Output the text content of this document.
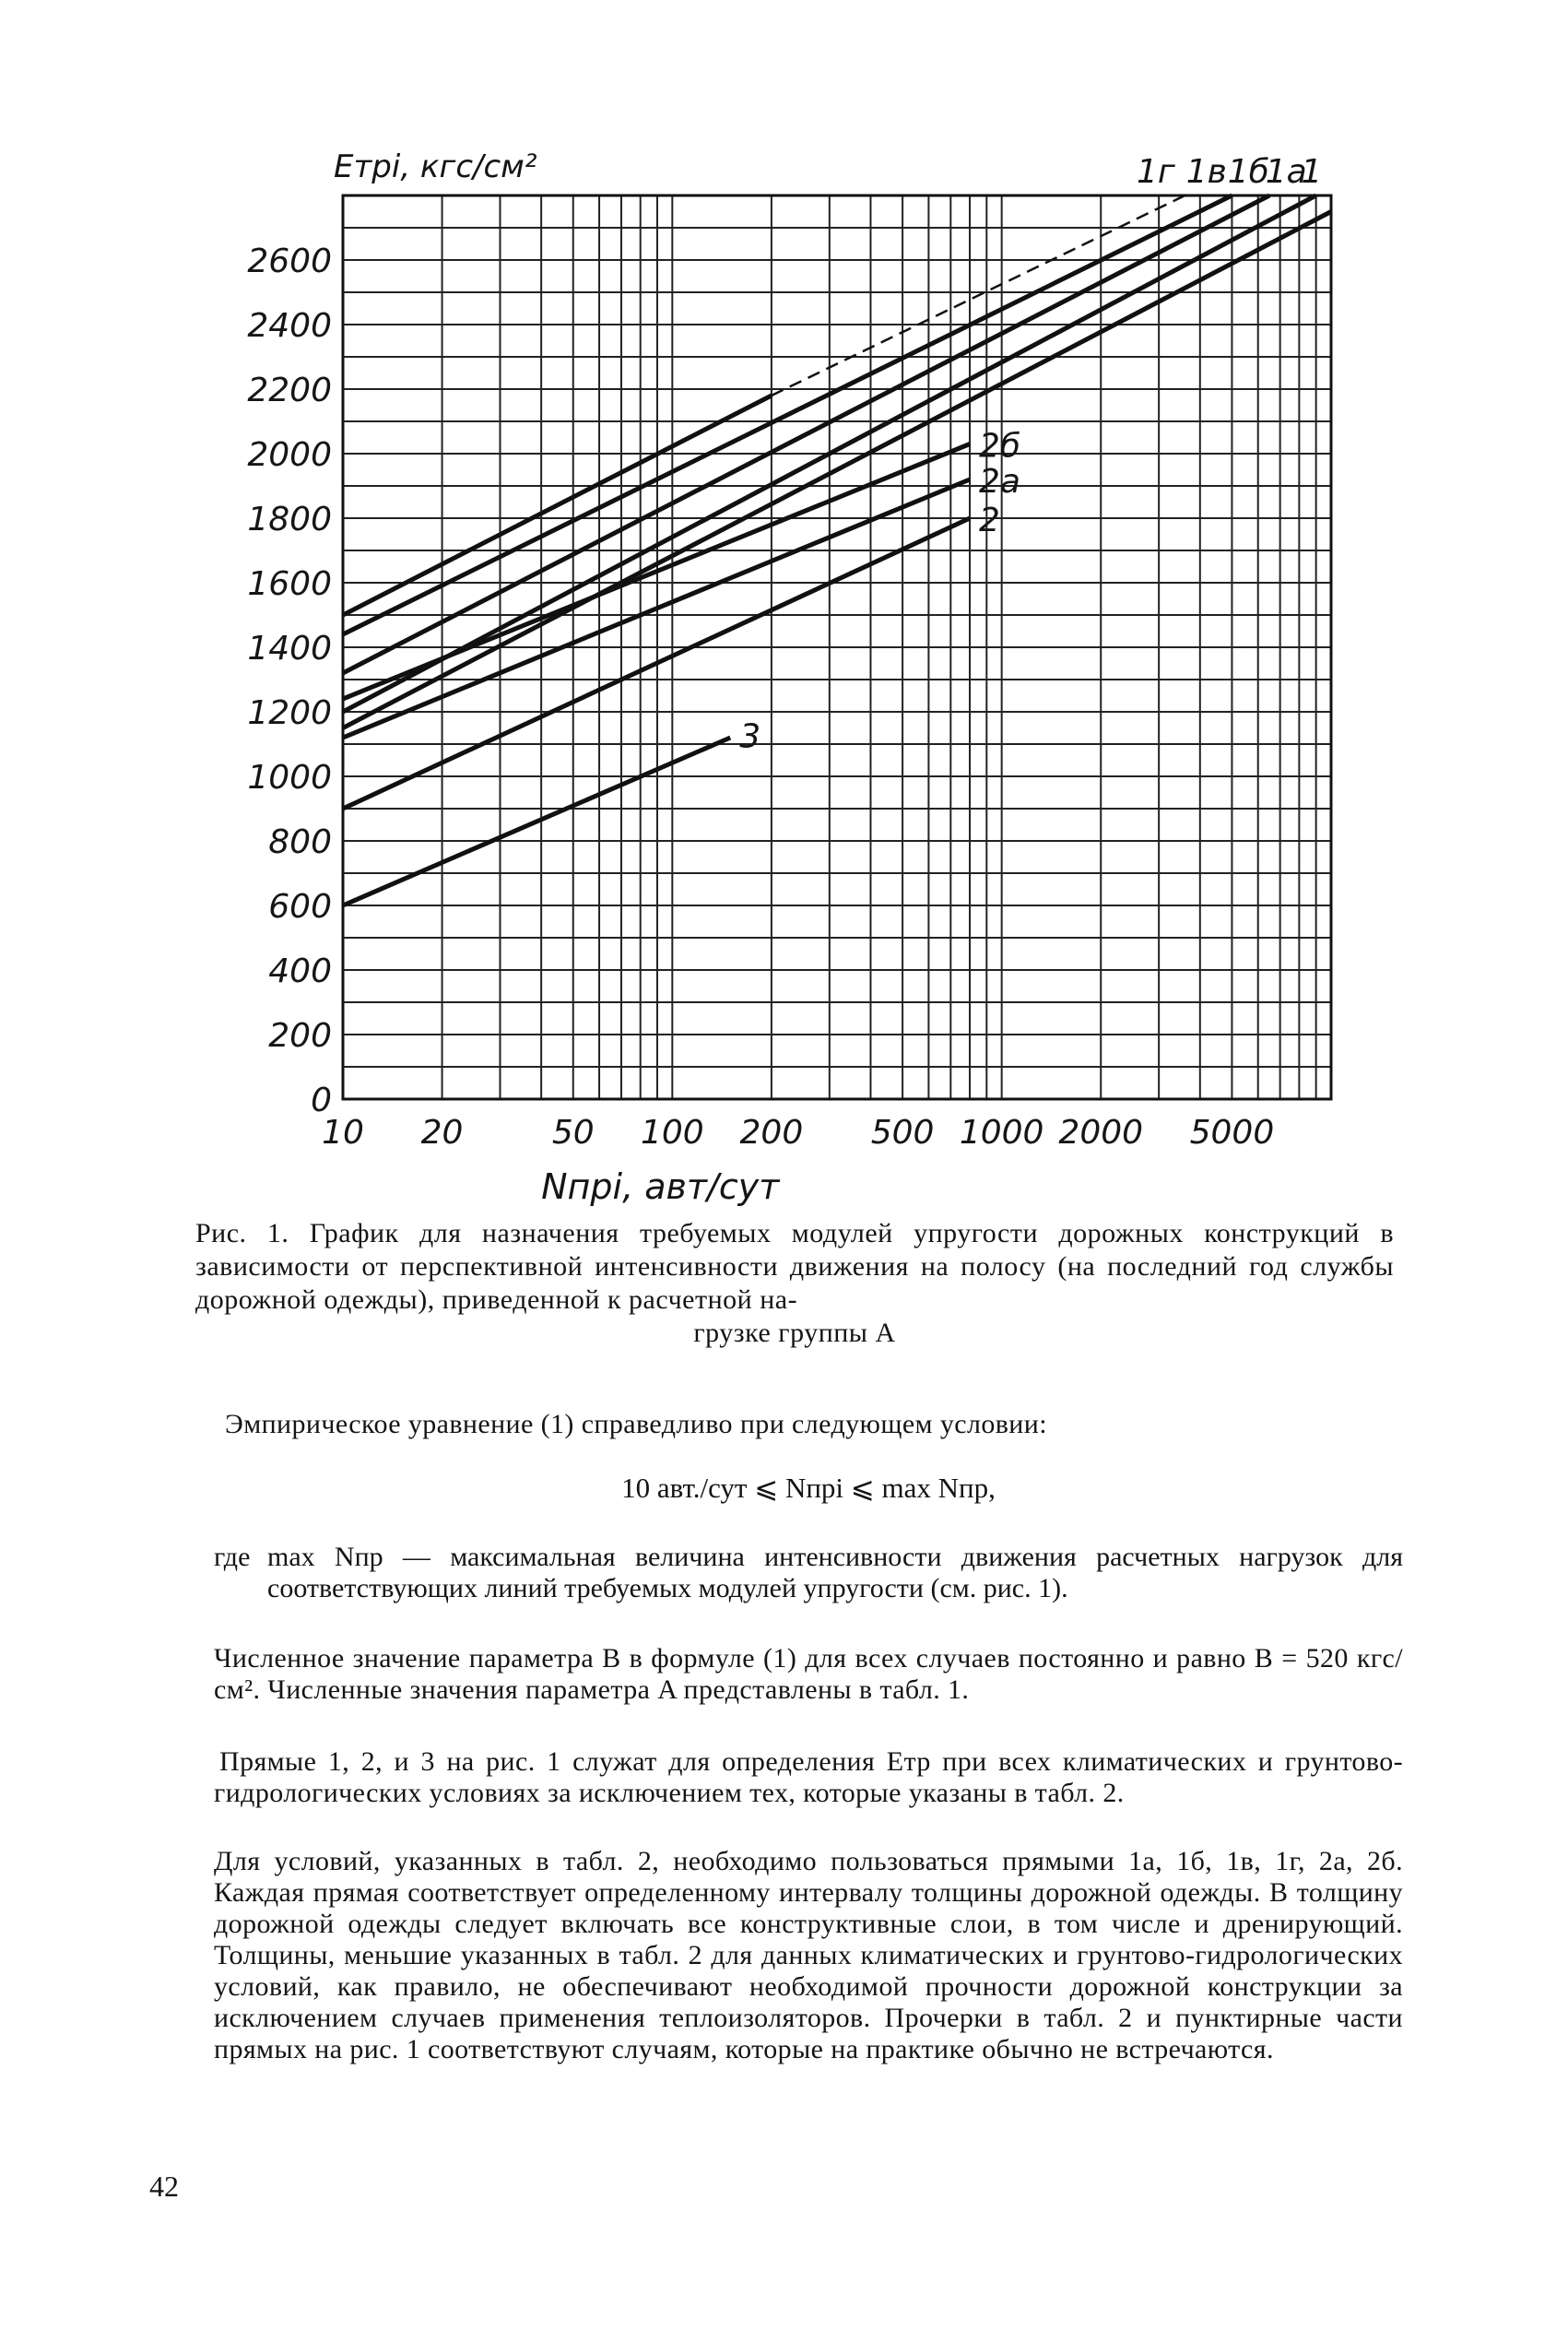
0
200
400
600
800
1000
1200
1400
1600
1800
2000
2200
2400
2600
10 20	50 100 200 500 1000 2000 5000
Eтрi, кгс/см²
Nпрi, авт/сут
1г 1в 1б
1а
1
2б
2а
2
3
Рис. 1. График для назначения требуемых модулей упругости дорожных конструкций в зависимости от перспективной интенсивности движения на полосу (на последний год службы дорожной одежды), приведенной к расчетной на-
грузке группы А
Эмпирическое уравнение (1) справедливо при следующем условии:
10 авт./сут ⩽ Nпрi ⩽ max Nпр,
где max Nпр — максимальная величина интенсивности движения расчетных нагрузок для соответствующих линий требуемых модулей упругости (см. рис. 1).
Численное значение параметра B в формуле (1) для всех случаев постоянно и равно B = 520 кгс/см². Численные значения параметра A представлены в табл. 1.
Прямые 1, 2, и 3 на рис. 1 служат для определения Eтр при всех климатических и грунтово-гидрологических условиях за исключением тех, которые указаны в табл. 2.
Для условий, указанных в табл. 2, необходимо пользоваться прямыми 1а, 1б, 1в, 1г, 2а, 2б. Каждая прямая соответствует определенному интервалу толщины дорожной одежды. В толщину дорожной одежды следует включать все конструктивные слои, в том числе и дренирующий. Толщины, меньшие указанных в табл. 2 для данных климатических и грунтово-гидрологических условий, как правило, не обеспечивают необходимой прочности дорожной конструкции за исключением случаев применения теплоизоляторов. Прочерки в табл. 2 и пунктирные части прямых на рис. 1 соответствуют случаям, которые на практике обычно не встречаются.
42
